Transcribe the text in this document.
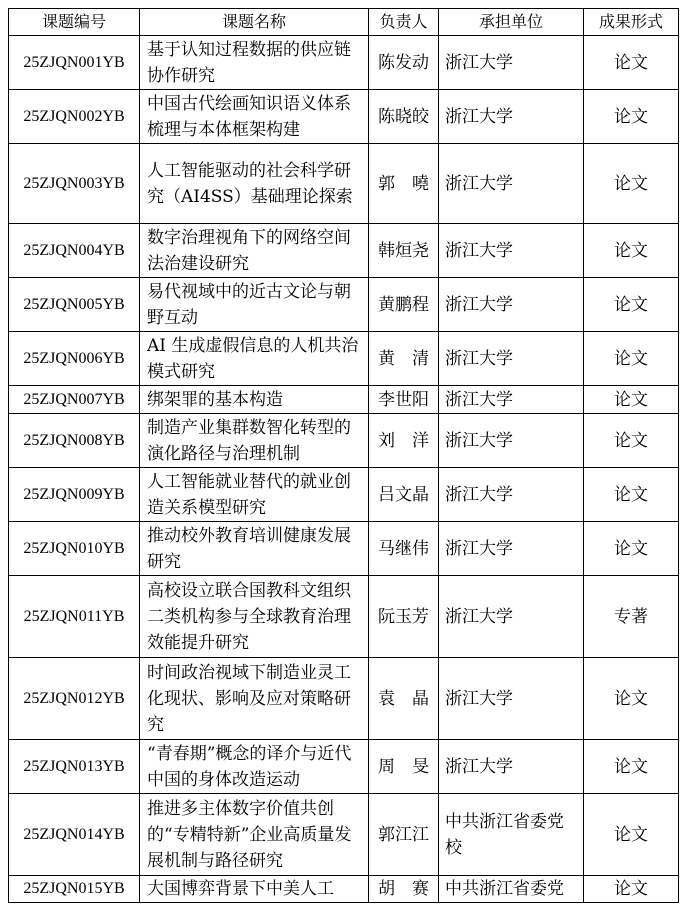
课题编号	课题名称	负责人	承担单位	成果形式
25ZJQN001YB	基于认知过程数据的供应链协作研究	陈发动	浙江大学	论文
25ZJQN002YB	中国古代绘画知识语义体系梳理与本体框架构建	陈晓皎	浙江大学	论文
25ZJQN003YB	人工智能驱动的社会科学研究（AI4SS）基础理论探索	郭　嘵	浙江大学	论文
25ZJQN004YB	数字治理视角下的网络空间法治建设研究	韩烜尧	浙江大学	论文
25ZJQN005YB	易代视域中的近古文论与朝野互动	黄鹏程	浙江大学	论文
25ZJQN006YB	AI 生成虚假信息的人机共治模式研究	黄　清	浙江大学	论文
25ZJQN007YB	绑架罪的基本构造	李世阳	浙江大学	论文
25ZJQN008YB	制造产业集群数智化转型的演化路径与治理机制	刘　洋	浙江大学	论文
25ZJQN009YB	人工智能就业替代的就业创造关系模型研究	吕文晶	浙江大学	论文
25ZJQN010YB	推动校外教育培训健康发展研究	马继伟	浙江大学	论文
25ZJQN011YB	高校设立联合国教科文组织二类机构参与全球教育治理效能提升研究	阮玉芳	浙江大学	专著
25ZJQN012YB	时间政治视域下制造业灵工化现状、影响及应对策略研究	袁　晶	浙江大学	论文
25ZJQN013YB	“青春期”概念的译介与近代中国的身体改造运动	周　旻	浙江大学	论文
25ZJQN014YB	推进多主体数字价值共创的“专精特新”企业高质量发展机制与路径研究	郭江江	中共浙江省委党校	论文
25ZJQN015YB	大国博弈背景下中美人工	胡　赛	中共浙江省委党	论文
